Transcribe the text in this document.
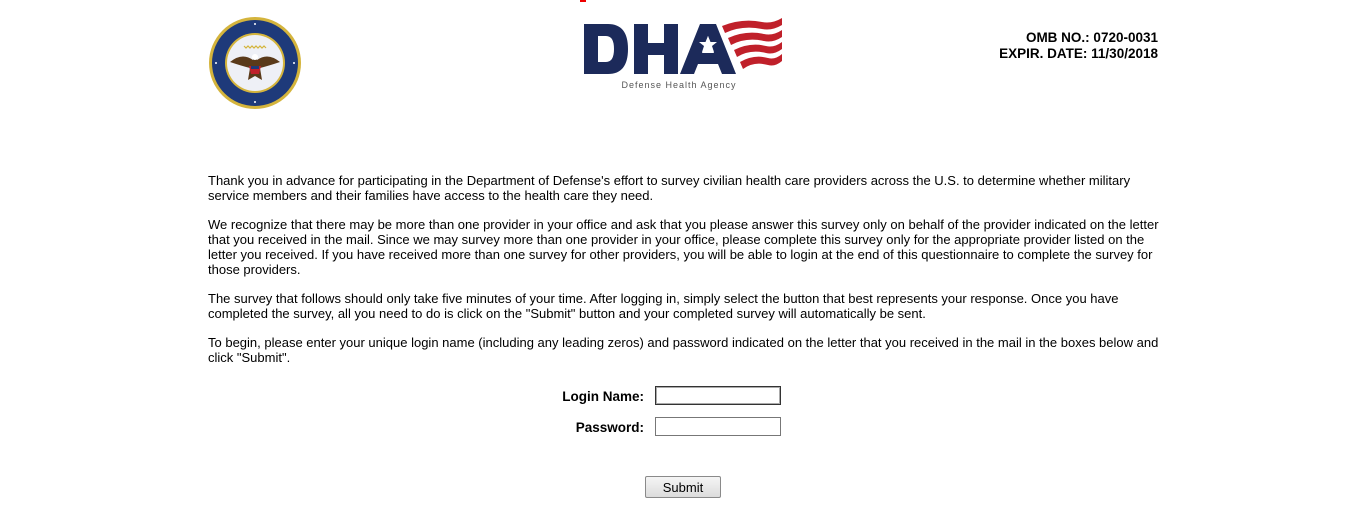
Defense Health Agency
OMB NO.: 0720-0031
EXPIR. DATE: 11/30/2018

Thank you in advance for participating in the Department of Defense's effort to survey civilian health care providers across the U.S. to determine whether military service members and their families have access to the health care they need.

We recognize that there may be more than one provider in your office and ask that you please answer this survey only on behalf of the provider indicated on the letter that you received in the mail. Since we may survey more than one provider in your office, please complete this survey only for the appropriate provider listed on the letter you received. If you have received more than one survey for other providers, you will be able to login at the end of this questionnaire to complete the survey for those providers.

The survey that follows should only take five minutes of your time. After logging in, simply select the button that best represents your response. Once you have completed the survey, all you need to do is click on the "Submit" button and your completed survey will automatically be sent.

To begin, please enter your unique login name (including any leading zeros) and password indicated on the letter that you received in the mail in the boxes below and click "Submit".

Login Name:
Password:
Submit
